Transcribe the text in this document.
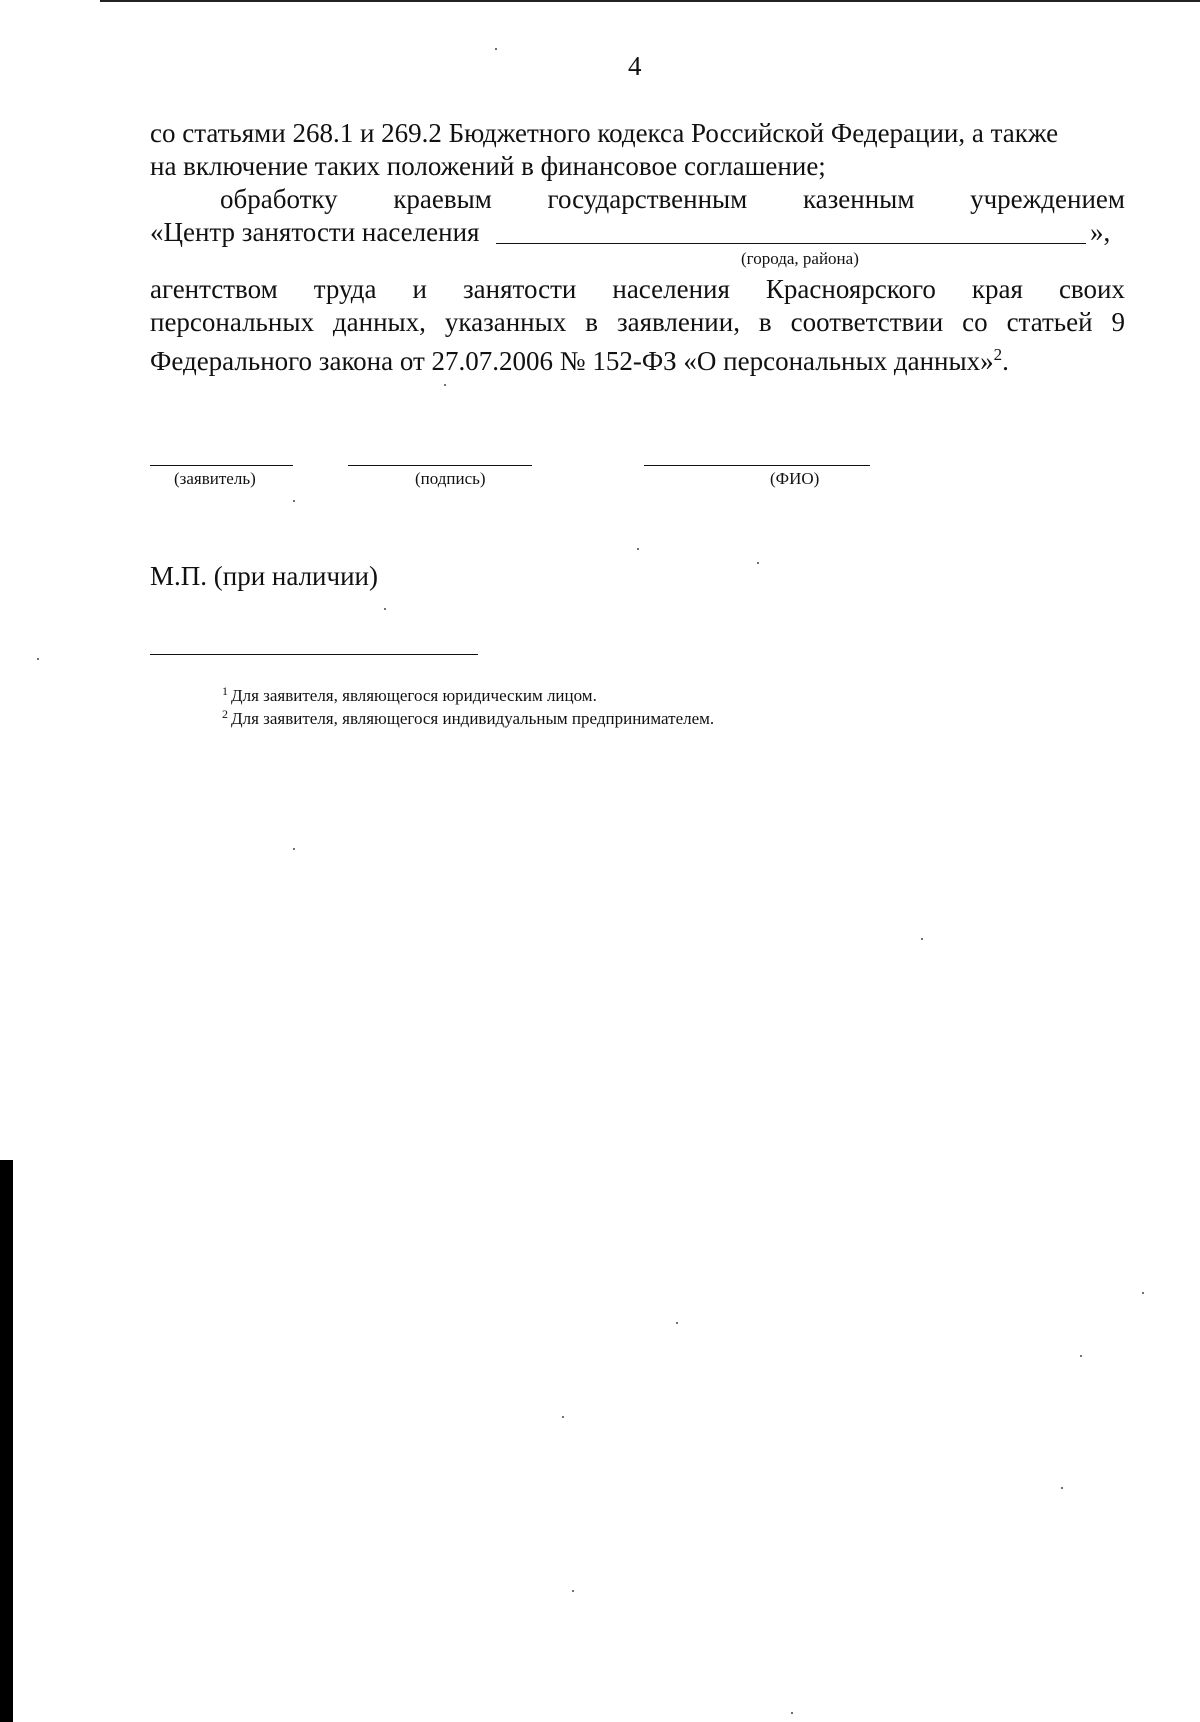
4
со статьями 268.1 и 269.2 Бюджетного кодекса Российской Федерации, а также
на включение таких положений в финансовое соглашение;
обработку краевым государственным казенным учреждением
«Центр занятости населения	»,
(города, района)
агентством труда и занятости населения Красноярского края своих
персональных данных, указанных в заявлении, в соответствии со статьей 9
Федерального закона от 27.07.2006 № 152-ФЗ «О персональных данных»$^2$.
(заявитель)	(подпись)	(ФИО)
М.П. (при наличии)
$^1$ Для заявителя, являющегося юридическим лицом.
$^2$ Для заявителя, являющегося индивидуальным предпринимателем.
